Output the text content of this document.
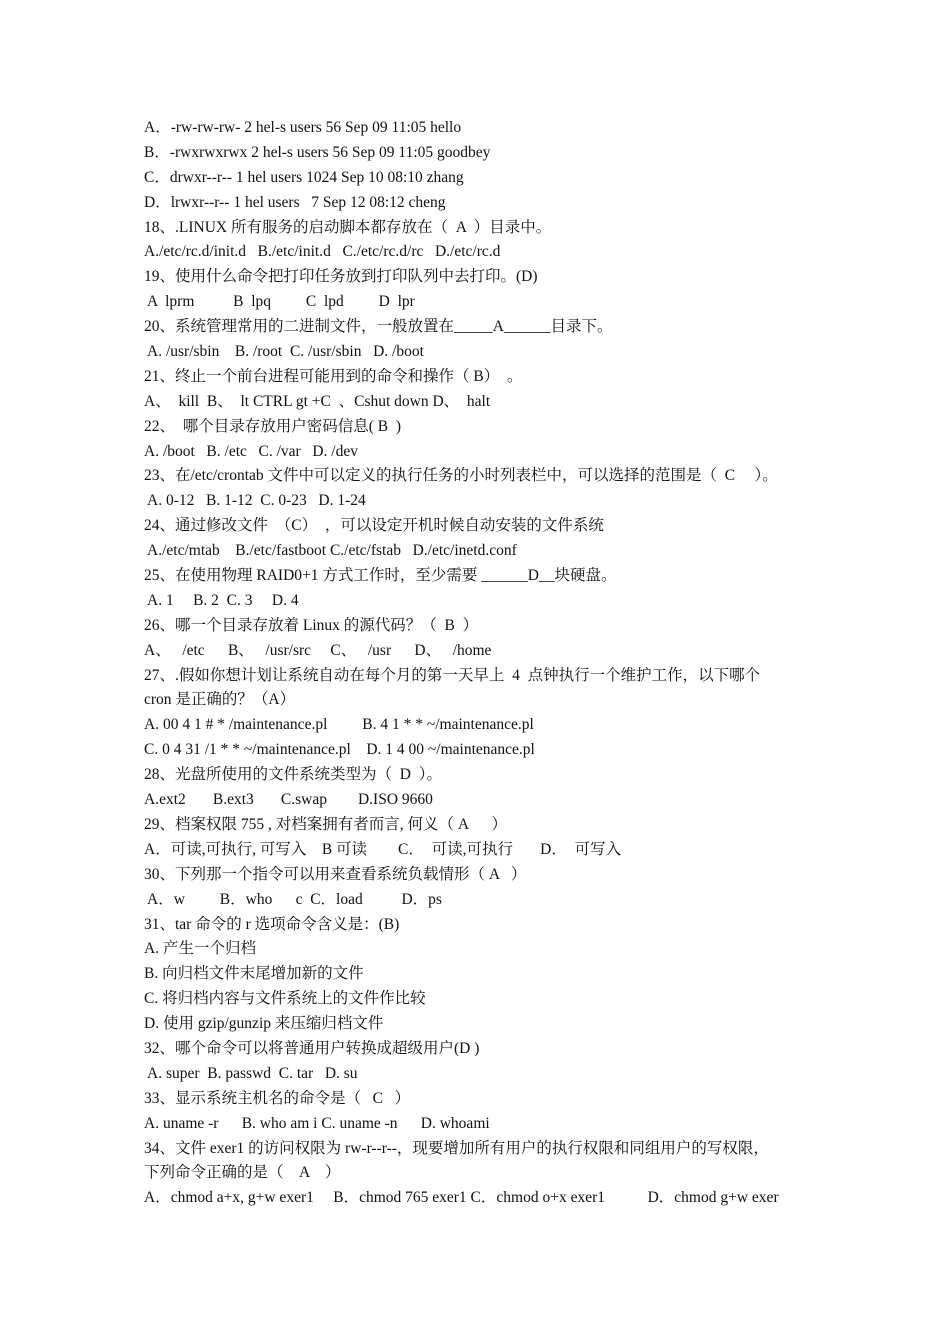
A．-rw-rw-rw- 2 hel-s users 56 Sep 09 11:05 hello
B．-rwxrwxrwx 2 hel-s users 56 Sep 09 11:05 goodbey
C．drwxr--r-- 1 hel users 1024 Sep 10 08:10 zhang
D．lrwxr--r-- 1 hel users   7 Sep 12 08:12 cheng
18、.LINUX 所有服务的启动脚本都存放在（  A  ）目录中。
A./etc/rc.d/init.d   B./etc/init.d   C./etc/rc.d/rc   D./etc/rc.d
19、使用什么命令把打印任务放到打印队列中去打印。(D)
A  lprm          B  lpq         C  lpd         D  lpr
20、系统管理常用的二进制文件，一般放置在_____A______目录下。
A. /usr/sbin    B. /root  C. /usr/sbin   D. /boot
21、终止一个前台进程可能用到的命令和操作（ B）  。
A、  kill  B、  lt CTRL gt +C  、Cshut down D、  halt
22、  哪个目录存放用户密码信息( B  )
A. /boot   B. /etc   C. /var   D. /dev
23、在/etc/crontab 文件中可以定义的执行任务的小时列表栏中，可以选择的范围是（  C     ）。
A. 0-12   B. 1-12  C. 0-23   D. 1-24
24、通过修改文件  （C）  ，可以设定开机时候自动安装的文件系统
A./etc/mtab    B./etc/fastboot C./etc/fstab   D./etc/inetd.conf
25、在使用物理 RAID0+1 方式工作时，至少需要 ______D__块硬盘。
A. 1     B. 2  C. 3     D. 4
26、哪一个目录存放着 Linux 的源代码？（  B  ）
A、   /etc      B、   /usr/src     C、   /usr      D、   /home
27、.假如你想计划让系统自动在每个月的第一天早上  4  点钟执行一个维护工作，以下哪个
cron 是正确的？（A）
A. 00 4 1 # * /maintenance.pl         B. 4 1 * * ~/maintenance.pl
C. 0 4 31 /1 * * ~/maintenance.pl    D. 1 4 00 ~/maintenance.pl
28、光盘所使用的文件系统类型为（  D  ）。
A.ext2       B.ext3       C.swap        D.ISO 9660
29、档案权限 755 , 对档案拥有者而言, 何义（ A      ）
A．可读,可执行, 可写入    B 可读        C．  可读,可执行       D．  可写入
30、下列那一个指令可以用来查看系统负载情形（ A   ）
A．w         B．who      c  C．load          D．ps
31、tar 命令的 r 选项命令含义是：(B)
A. 产生一个归档
B. 向归档文件末尾增加新的文件
C. 将归档内容与文件系统上的文件作比较
D. 使用 gzip/gunzip 来压缩归档文件
32、哪个命令可以将普通用户转换成超级用户(D )
A. super  B. passwd  C. tar   D. su
33、显示系统主机名的命令是（   C   ）
A. uname -r      B. who am i C. uname -n      D. whoami
34、文件 exer1 的访问权限为 rw-r--r--，现要增加所有用户的执行权限和同组用户的写权限，
下列命令正确的是（    A    ）
A．chmod a+x, g+w exer1     B．chmod 765 exer1 C．chmod o+x exer1           D．chmod g+w exer
